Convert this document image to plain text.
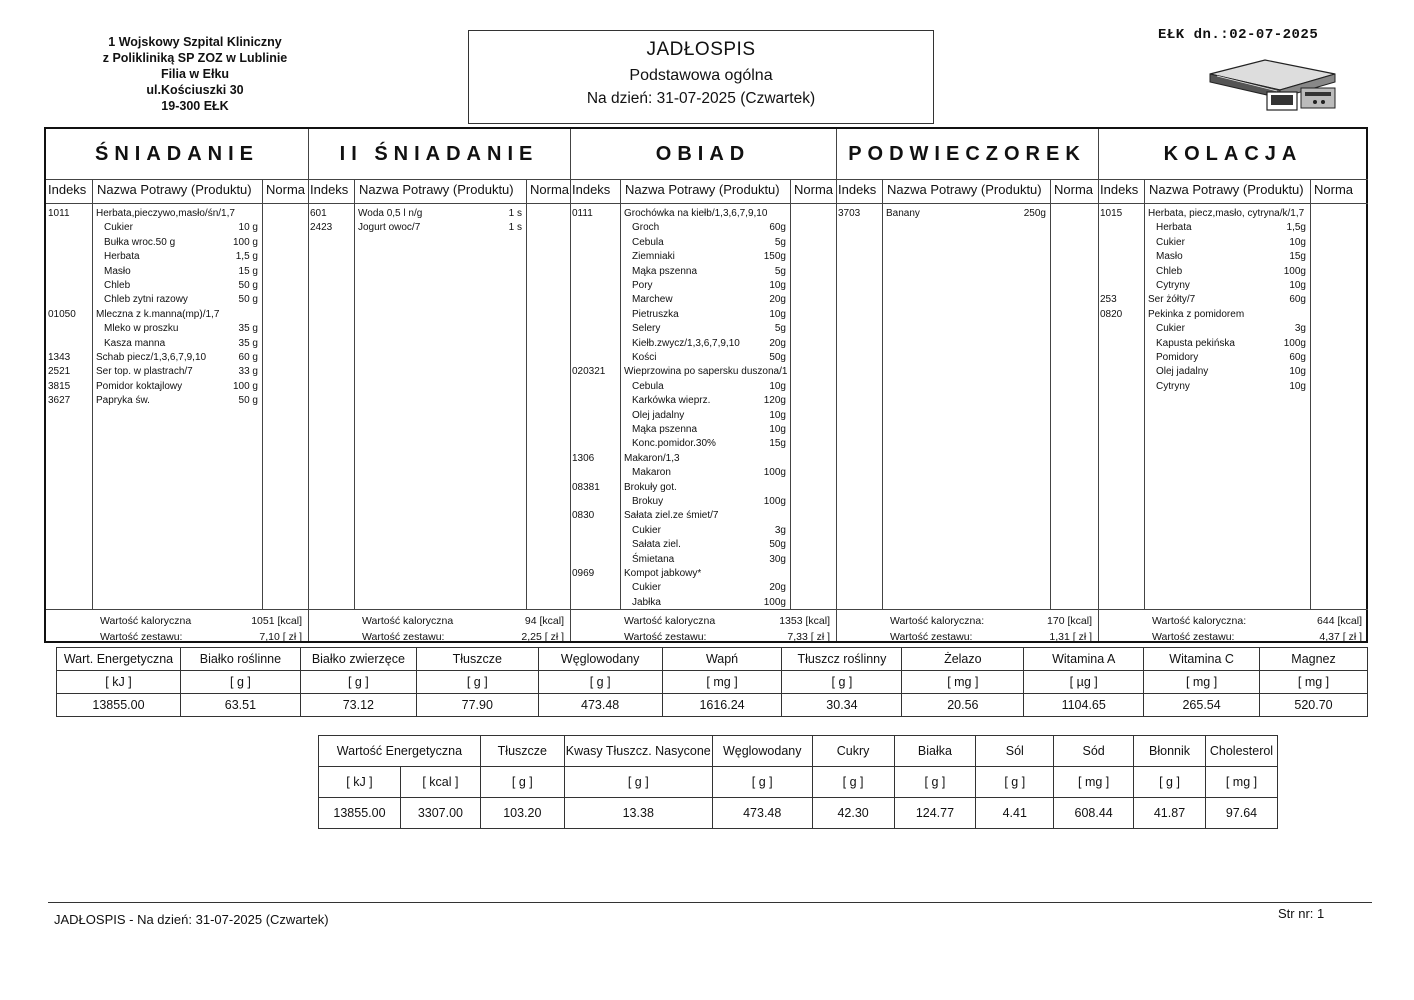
1 Wojskowy Szpital Kliniczny
z Polikliniką SP ZOZ w Lublinie
Filia w Ełku
ul.Kościuszki 30
19-300 EŁK
JADŁOSPIS
Podstawowa ogólna
Na dzień: 31-07-2025 (Czwartek)
EŁK dn.:02-07-2025
ŚNIADANIE
Indeks Nazwa Potrawy (Produktu) Norma
1011	Herbata,pieczywo,masło/śn/1,7
Cukier	10 g
Bułka wroc.50 g	100 g
Herbata	1,5 g
Masło	15 g
Chleb	50 g
Chleb zytni razowy	50 g
01050 Mleczna z k.manna(mp)/1,7
Mleko w proszku	35 g
Kasza manna	35 g
1343	Schab piecz/1,3,6,7,9,10	60 g
2521	Ser top. w plastrach/7	33 g
3815	Pomidor koktajlowy	100 g
3627	Papryka św.	50 g
Wartość kaloryczna	1051 [kcal]
Wartość zestawu:	7,10 [ zł ]
II ŚNIADANIE
Indeks Nazwa Potrawy (Produktu) Norma
601	Woda 0,5 l n/g	1 s
2423	Jogurt owoc/7	1 s
Wartość kaloryczna	94 [kcal]
Wartość zestawu:	2,25 [ zł ]
OBIAD
Indeks Nazwa Potrawy (Produktu) Norma
0111	Grochówka na kiełb/1,3,6,7,9,10
Groch	60g
Cebula	5g
Ziemniaki	150g
Mąka pszenna	5g
Pory	10g
Marchew	20g
Pietruszka	10g
Selery	5g
Kiełb.zwycz/1,3,6,7,9,10	20g
Kości	50g
020321 Wieprzowina po sapersku duszona/1
Cebula	10g
Karkówka wieprz.	120g
Olej jadalny	10g
Mąka pszenna	10g
Konc.pomidor.30%	15g
1306	Makaron/1,3
Makaron	100g
08381 Brokuły got.
Brokuy	100g
0830	Sałata ziel.ze śmiet/7
Cukier	3g
Sałata ziel.	50g
Śmietana	30g
0969	Kompot jabkowy*
Cukier	20g
Jabłka	100g
Wartość kaloryczna	1353 [kcal]
Wartość zestawu:	7,33 [ zł ]
PODWIECZOREK
Indeks Nazwa Potrawy (Produktu) Norma
3703	Banany	250g
Wartość kaloryczna:	170 [kcal]
Wartość zestawu:	1,31 [ zł ]
KOLACJA
Indeks Nazwa Potrawy (Produktu) Norma
1015	Herbata, piecz,masło, cytryna/k/1,7
Herbata	1,5g
Cukier	10g
Masło	15g
Chleb	100g
Cytryny	10g
253	Ser żółty/7	60g
0820	Pekinka z pomidorem
Cukier	3g
Kapusta pekińska	100g
Pomidory	60g
Olej jadalny	10g
Cytryny	10g
Wartość kaloryczna:	644 [kcal]
Wartość zestawu:	4,37 [ zł ]
Wart. Energetyczna	Białko roślinne	Białko zwierzęce	Tłuszcze	Węglowodany	Wapń	Tłuszcz roślinny	Żelazo	Witamina A	Witamina C	Magnez
[ kJ ]	[ g ]	[ g ]	[ g ]	[ g ]	[ mg ]	[ g ]	[ mg ]	[ µg ]	[ mg ]	[ mg ]
13855.00	63.51	73.12	77.90	473.48	1616.24	30.34	20.56	1104.65	265.54	520.70
Wartość Energetyczna		Tłuszcze	Kwasy Tłuszcz. Nasycone	Węglowodany	Cukry	Białka	Sól	Sód	Błonnik	Cholesterol
[ kJ ]	[ kcal ]	[ g ]	[ g ]	[ g ]	[ g ]	[ g ]	[ g ]	[ mg ]	[ g ]	[ mg ]
13855.00	3307.00	103.20	13.38	473.48	42.30	124.77	4.41	608.44	41.87	97.64
JADŁOSPIS - Na dzień: 31-07-2025 (Czwartek)	Str nr: 1
